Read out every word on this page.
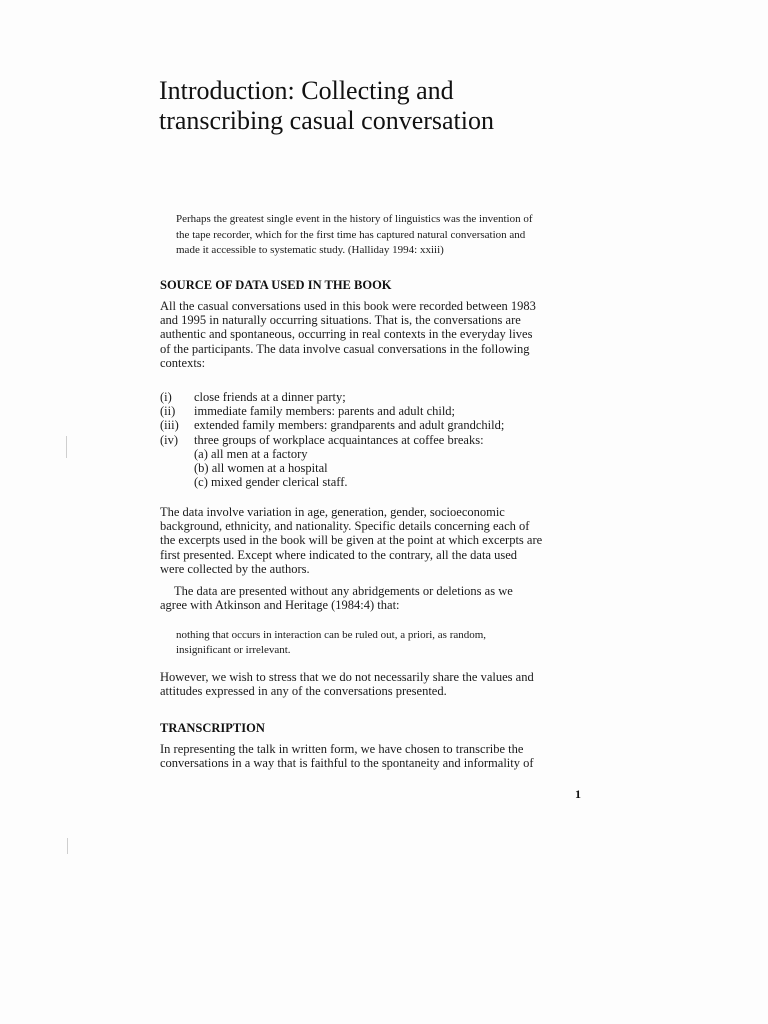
Introduction: Collecting and
transcribing casual conversation
Perhaps the greatest single event in the history of linguistics was the invention of
the tape recorder, which for the first time has captured natural conversation and
made it accessible to systematic study. (Halliday 1994: xxiii)
SOURCE OF DATA USED IN THE BOOK
All the casual conversations used in this book were recorded between 1983
and 1995 in naturally occurring situations. That is, the conversations are
authentic and spontaneous, occurring in real contexts in the everyday lives
of the participants. The data involve casual conversations in the following
contexts:
(i)	close friends at a dinner party;
(ii)	immediate family members: parents and adult child;
(iii)	extended family members: grandparents and adult grandchild;
(iv)	three groups of workplace acquaintances at coffee breaks:
(a) all men at a factory
(b) all women at a hospital
(c) mixed gender clerical staff.
The data involve variation in age, generation, gender, socioeconomic
background, ethnicity, and nationality. Specific details concerning each of
the excerpts used in the book will be given at the point at which excerpts are
first presented. Except where indicated to the contrary, all the data used
were collected by the authors.
The data are presented without any abridgements or deletions as we
agree with Atkinson and Heritage (1984:4) that:
nothing that occurs in interaction can be ruled out, a priori, as random,
insignificant or irrelevant.
However, we wish to stress that we do not necessarily share the values and
attitudes expressed in any of the conversations presented.
TRANSCRIPTION
In representing the talk in written form, we have chosen to transcribe the
conversations in a way that is faithful to the spontaneity and informality of
1
